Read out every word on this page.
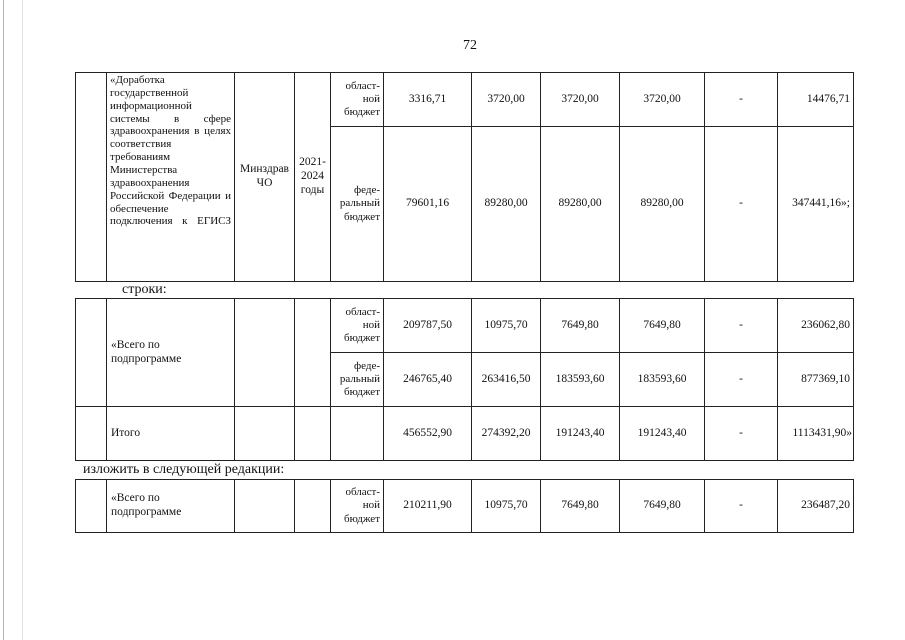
72
	«Доработка государственной информационной системы в сфере здравоохранения в целях соответствия требованиям Министерства здравоохранения Российской Федерации и обеспечение подключения к ЕГИСЗ	Минздрав ЧО	2021-2024 годы	област-ной бюджет	3316,71	3720,00	3720,00	3720,00	-	14476,71
				феде-ральный бюджет	79601,16	89280,00	89280,00	89280,00	-	347441,16»;
строки:
	«Всего по подпрограмме			област-ной бюджет	209787,50	10975,70	7649,80	7649,80	-	236062,80
				феде-ральный бюджет	246765,40	263416,50	183593,60	183593,60	-	877369,10
	Итого				456552,90	274392,20	191243,40	191243,40	-	1113431,90»
изложить в следующей редакции:
	«Всего по подпрограмме			област-ной бюджет	210211,90	10975,70	7649,80	7649,80	-	236487,20
